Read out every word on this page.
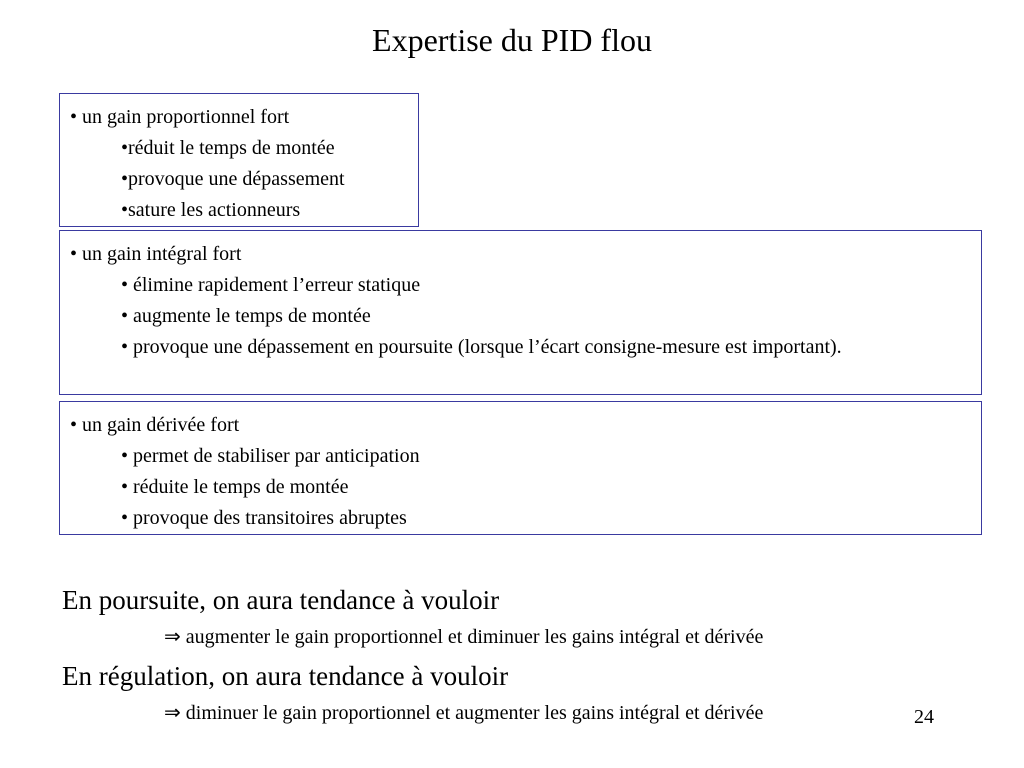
Expertise du PID flou
• un gain proportionnel fort
•réduit le temps de montée
•provoque une dépassement
•sature les actionneurs
• un gain intégral fort
• élimine rapidement l’erreur statique
• augmente le temps de montée
• provoque une dépassement en poursuite (lorsque l’écart consigne-mesure est important).
• un gain dérivée fort
• permet de stabiliser par anticipation
• réduite le temps de montée
• provoque des transitoires abruptes
En poursuite, on aura tendance à vouloir
⇒ augmenter le gain proportionnel et diminuer les gains intégral et dérivée
En régulation, on aura tendance à vouloir
⇒ diminuer le gain proportionnel et augmenter les gains intégral et dérivée	24
